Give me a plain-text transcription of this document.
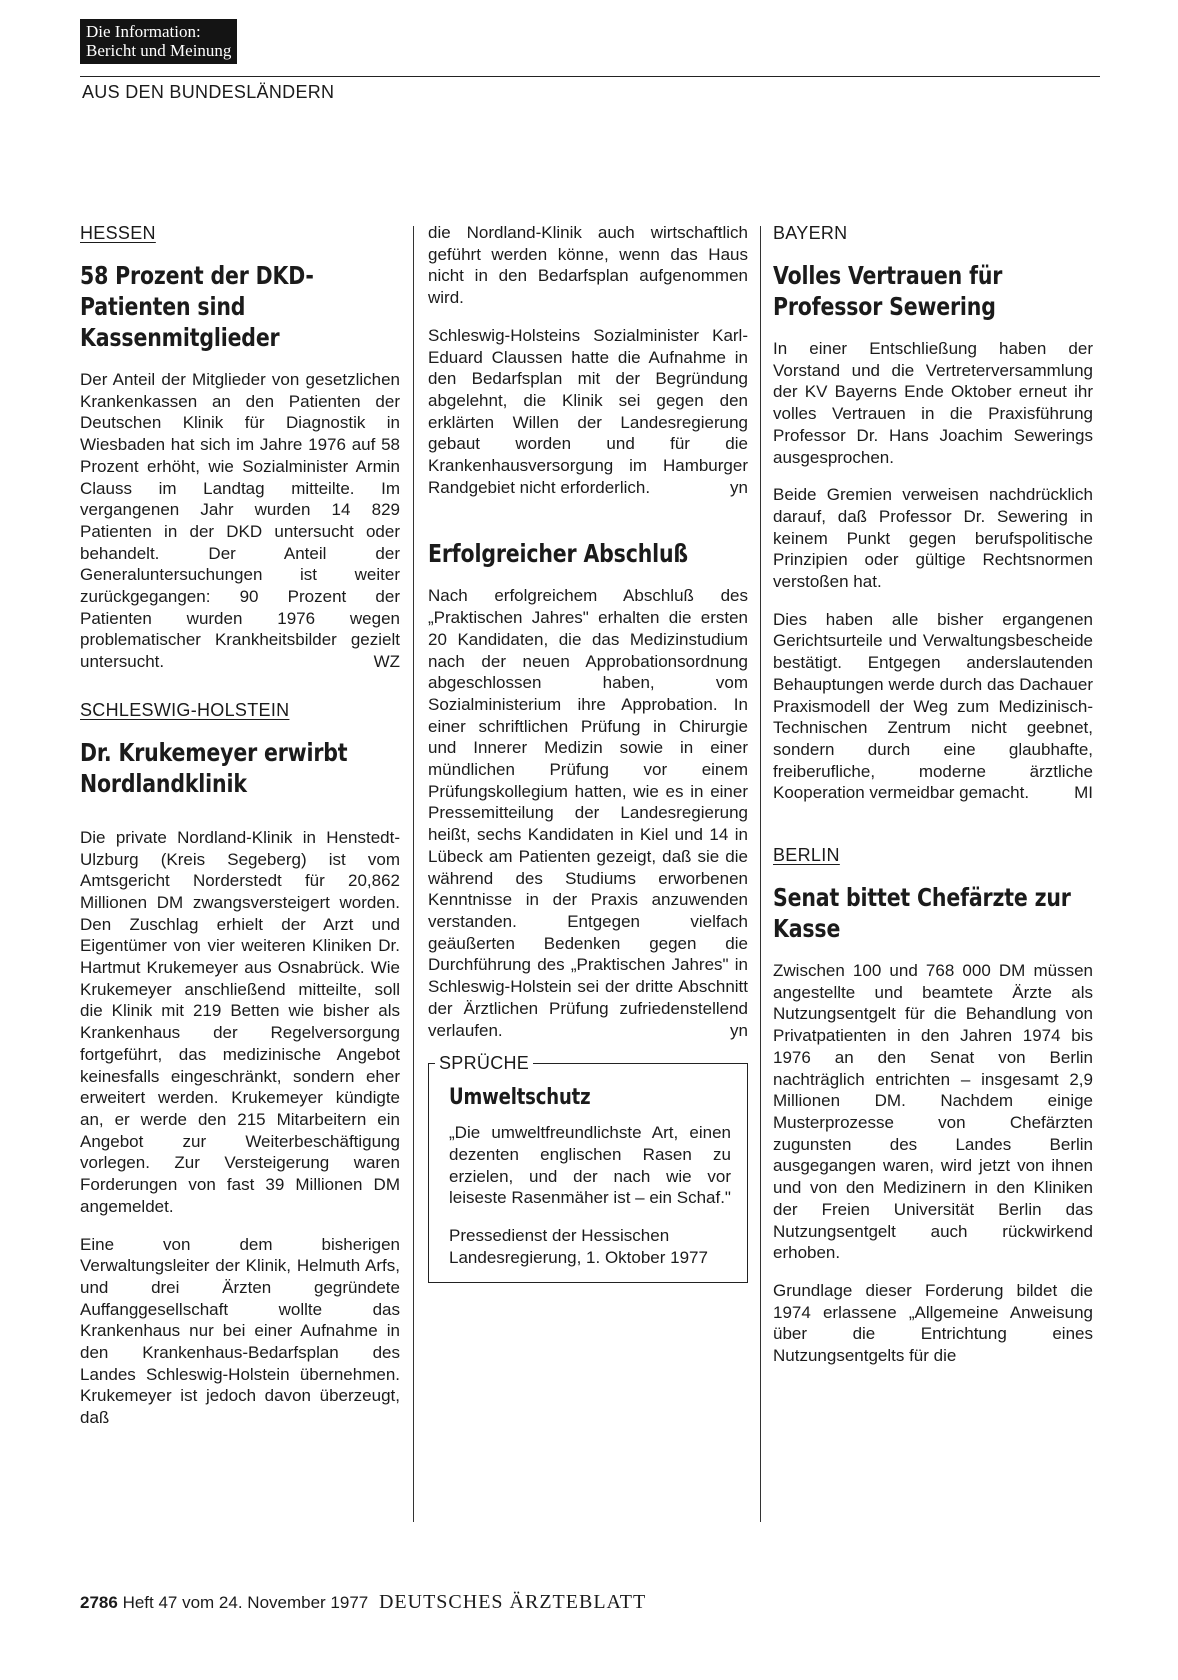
Die Information:
Bericht und Meinung
AUS DEN BUNDESLÄNDERN
HESSEN
58 Prozent der DKD-Patienten sind Kassenmitglieder

Der Anteil der Mitglieder von gesetzlichen Krankenkassen an den Patienten der Deutschen Klinik für Diagnostik in Wiesbaden hat sich im Jahre 1976 auf 58 Prozent erhöht, wie Sozialminister Armin Clauss im Landtag mitteilte. Im vergangenen Jahr wurden 14 829 Patienten in der DKD untersucht oder behandelt. Der Anteil der Generaluntersuchungen ist weiter zurückgegangen: 90 Prozent der Patienten wurden 1976 wegen problematischer Krankheitsbilder gezielt untersucht.	WZ

SCHLESWIG-HOLSTEIN
Dr. Krukemeyer erwirbt Nordlandklinik

Die private Nordland-Klinik in Henstedt-Ulzburg (Kreis Segeberg) ist vom Amtsgericht Norderstedt für 20,862 Millionen DM zwangsversteigert worden. Den Zuschlag erhielt der Arzt und Eigentümer von vier weiteren Kliniken Dr. Hartmut Krukemeyer aus Osnabrück. Wie Krukemeyer anschließend mitteilte, soll die Klinik mit 219 Betten wie bisher als Krankenhaus der Regelversorgung fortgeführt, das medizinische Angebot keinesfalls eingeschränkt, sondern eher erweitert werden. Krukemeyer kündigte an, er werde den 215 Mitarbeitern ein Angebot zur Weiterbeschäftigung vorlegen. Zur Versteigerung waren Forderungen von fast 39 Millionen DM angemeldet.

Eine von dem bisherigen Verwaltungsleiter der Klinik, Helmuth Arfs, und drei Ärzten gegründete Auffanggesellschaft wollte das Krankenhaus nur bei einer Aufnahme in den Krankenhaus-Bedarfsplan des Landes Schleswig-Holstein übernehmen. Krukemeyer ist jedoch davon überzeugt, daß

die Nordland-Klinik auch wirtschaftlich geführt werden könne, wenn das Haus nicht in den Bedarfsplan aufgenommen wird.

Schleswig-Holsteins Sozialminister Karl-Eduard Claussen hatte die Aufnahme in den Bedarfsplan mit der Begründung abgelehnt, die Klinik sei gegen den erklärten Willen der Landesregierung gebaut worden und für die Krankenhausversorgung im Hamburger Randgebiet nicht erforderlich.	yn

Erfolgreicher Abschluß

Nach erfolgreichem Abschluß des „Praktischen Jahres" erhalten die ersten 20 Kandidaten, die das Medizinstudium nach der neuen Approbationsordnung abgeschlossen haben, vom Sozialministerium ihre Approbation. In einer schriftlichen Prüfung in Chirurgie und Innerer Medizin sowie in einer mündlichen Prüfung vor einem Prüfungskollegium hatten, wie es in einer Pressemitteilung der Landesregierung heißt, sechs Kandidaten in Kiel und 14 in Lübeck am Patienten gezeigt, daß sie die während des Studiums erworbenen Kenntnisse in der Praxis anzuwenden verstanden. Entgegen vielfach geäußerten Bedenken gegen die Durchführung des „Praktischen Jahres" in Schleswig-Holstein sei der dritte Abschnitt der Ärztlichen Prüfung zufriedenstellend verlaufen.	yn

SPRÜCHE
Umweltschutz

„Die umweltfreundlichste Art, einen dezenten englischen Rasen zu erzielen, und der nach wie vor leiseste Rasenmäher ist – ein Schaf."

Pressedienst der Hessischen Landesregierung, 1. Oktober 1977

BAYERN
Volles Vertrauen für Professor Sewering

In einer Entschließung haben der Vorstand und die Vertreterversammlung der KV Bayerns Ende Oktober erneut ihr volles Vertrauen in die Praxisführung Professor Dr. Hans Joachim Sewerings ausgesprochen.

Beide Gremien verweisen nachdrücklich darauf, daß Professor Dr. Sewering in keinem Punkt gegen berufspolitische Prinzipien oder gültige Rechtsnormen verstoßen hat.

Dies haben alle bisher ergangenen Gerichtsurteile und Verwaltungsbescheide bestätigt. Entgegen anderslautenden Behauptungen werde durch das Dachauer Praxismodell der Weg zum Medizinisch-Technischen Zentrum nicht geebnet, sondern durch eine glaubhafte, freiberufliche, moderne ärztliche Kooperation vermeidbar gemacht.	MI

BERLIN
Senat bittet Chefärzte zur Kasse

Zwischen 100 und 768 000 DM müssen angestellte und beamtete Ärzte als Nutzungsentgelt für die Behandlung von Privatpatienten in den Jahren 1974 bis 1976 an den Senat von Berlin nachträglich entrichten – insgesamt 2,9 Millionen DM. Nachdem einige Musterprozesse von Chefärzten zugunsten des Landes Berlin ausgegangen waren, wird jetzt von ihnen und von den Medizinern in den Kliniken der Freien Universität Berlin das Nutzungsentgelt auch rückwirkend erhoben.

Grundlage dieser Forderung bildet die 1974 erlassene „Allgemeine Anweisung über die Entrichtung eines Nutzungsentgelts für die

2786 Heft 47 vom 24. November 1977 DEUTSCHES ÄRZTEBLATT
